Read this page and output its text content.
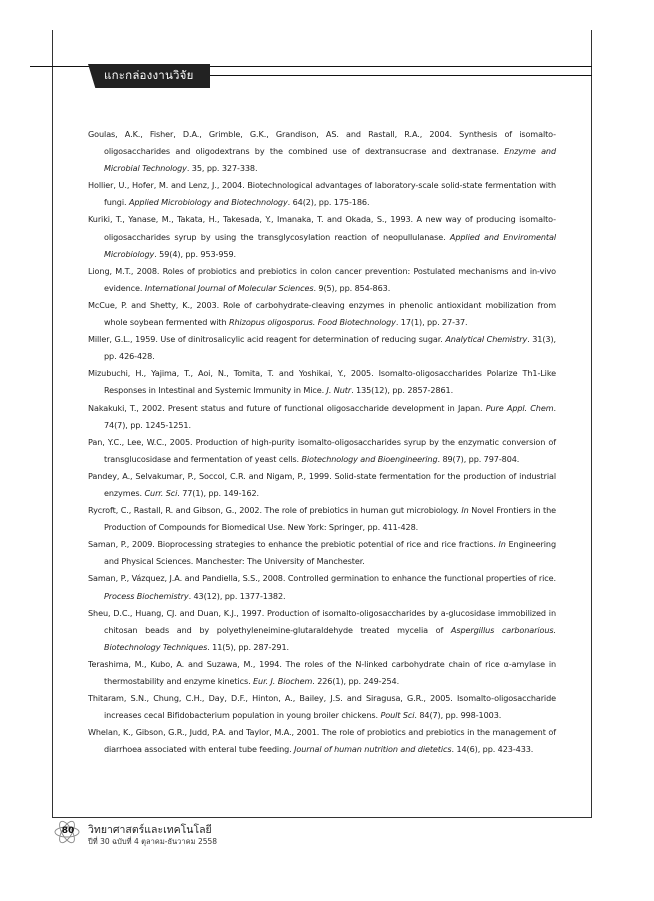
แกะกล่องงานวิจัย

Goulas, A.K., Fisher, D.A., Grimble, G.K., Grandison, AS. and Rastall, R.A., 2004. Synthesis of isomalto-oligosaccharides and oligodextrans by the combined use of dextransucrase and dextranase. Enzyme and Microbial Technology. 35, pp. 327-338.

Hollier, U., Hofer, M. and Lenz, J., 2004. Biotechnological advantages of laboratory-scale solid-state fermentation with fungi. Applied Microbiology and Biotechnology. 64(2), pp. 175-186.

Kuriki, T., Yanase, M., Takata, H., Takesada, Y., Imanaka, T. and Okada, S., 1993. A new way of producing isomalto-oligosaccharides syrup by using the transglycosylation reaction of neopullulanase. Applied and Enviromental Microbiology. 59(4), pp. 953-959.

Liong, M.T., 2008. Roles of probiotics and prebiotics in colon cancer prevention: Postulated mechanisms and in-vivo evidence. International Journal of Molecular Sciences. 9(5), pp. 854-863.

McCue, P. and Shetty, K., 2003. Role of carbohydrate-cleaving enzymes in phenolic antioxidant mobilization from whole soybean fermented with Rhizopus oligosporus. Food Biotechnology. 17(1), pp. 27-37.

Miller, G.L., 1959. Use of dinitrosalicylic acid reagent for determination of reducing sugar. Analytical Chemistry. 31(3), pp. 426-428.

Mizubuchi, H., Yajima, T., Aoi, N., Tomita, T. and Yoshikai, Y., 2005. Isomalto-oligosaccharides Polarize Th1-Like Responses in Intestinal and Systemic Immunity in Mice. J. Nutr. 135(12), pp. 2857-2861.

Nakakuki, T., 2002. Present status and future of functional oligosaccharide development in Japan. Pure Appl. Chem. 74(7), pp. 1245-1251.

Pan, Y.C., Lee, W.C., 2005. Production of high-purity isomalto-oligosaccharides syrup by the enzymatic conversion of transglucosidase and fermentation of yeast cells. Biotechnology and Bioengineering. 89(7), pp. 797-804.

Pandey, A., Selvakumar, P., Soccol, C.R. and Nigam, P., 1999. Solid-state fermentation for the production of industrial enzymes. Curr. Sci. 77(1), pp. 149-162.

Rycroft, C., Rastall, R. and Gibson, G., 2002. The role of prebiotics in human gut microbiology. In Novel Frontiers in the Production of Compounds for Biomedical Use. New York: Springer, pp. 411-428.

Saman, P., 2009. Bioprocessing strategies to enhance the prebiotic potential of rice and rice fractions. In Engineering and Physical Sciences. Manchester: The University of Manchester.

Saman, P., Vázquez, J.A. and Pandiella, S.S., 2008. Controlled germination to enhance the functional properties of rice. Process Biochemistry. 43(12), pp. 1377-1382.

Sheu, D.C., Huang, CJ. and Duan, K.J., 1997. Production of isomalto-oligosaccharides by a-glucosidase immobilized in chitosan beads and by polyethyleneimine-glutaraldehyde treated mycelia of Aspergillus carbonarious. Biotechnology Techniques. 11(5), pp. 287-291.

Terashima, M., Kubo, A. and Suzawa, M., 1994. The roles of the N-linked carbohydrate chain of rice α-amylase in thermostability and enzyme kinetics. Eur. J. Biochem. 226(1), pp. 249-254.

Thitaram, S.N., Chung, C.H., Day, D.F., Hinton, A., Bailey, J.S. and Siragusa, G.R., 2005. Isomalto-oligosaccharide increases cecal Bifidobacterium population in young broiler chickens. Poult Sci. 84(7), pp. 998-1003.

Whelan, K., Gibson, G.R., Judd, P.A. and Taylor, M.A., 2001. The role of probiotics and prebiotics in the management of diarrhoea associated with enteral tube feeding. Journal of human nutrition and dietetics. 14(6), pp. 423-433.

80 วิทยาศาสตร์และเทคโนโลยี
ปีที่ 30 ฉบับที่ 4 ตุลาคม-ธันวาคม 2558
